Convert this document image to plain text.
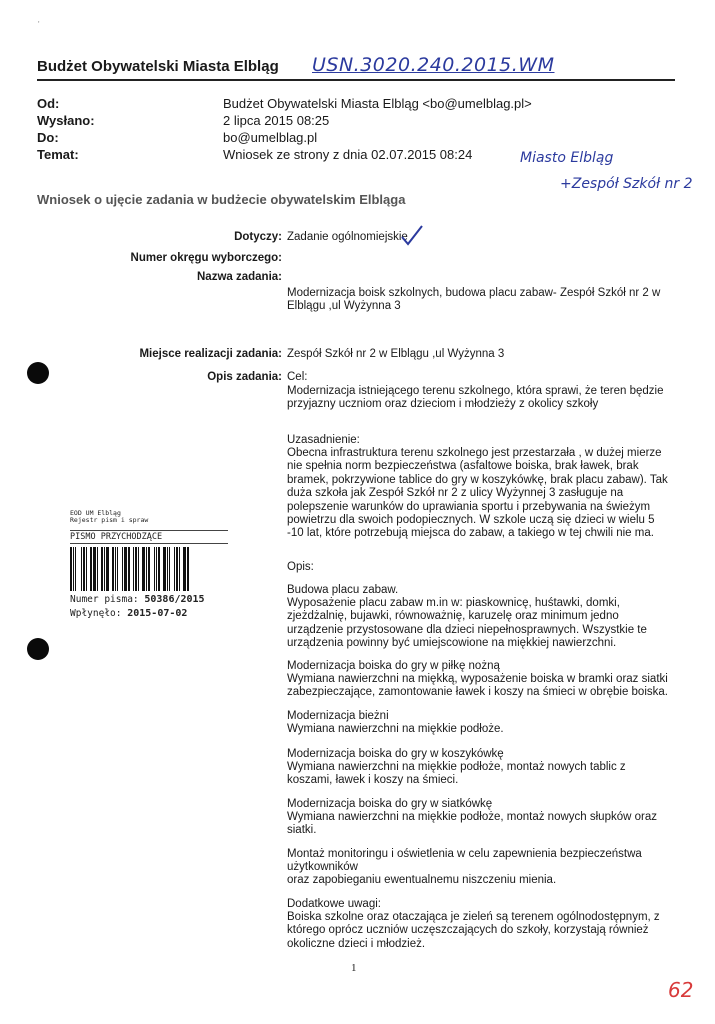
'
Budżet Obywatelski Miasta Elbląg USN.3020.240.2015.WM
Od:	Budżet Obywatelski Miasta Elbląg <bo@umelblag.pl>
Wysłano:	2 lipca 2015 08:25
Do:	bo@umelblag.pl
Temat:	Wniosek ze strony z dnia 02.07.2015 08:24	Miasto Elbląg
+Zespół Szkół nr 2
Wniosek o ujęcie zadania w budżecie obywatelskim Elbląga
Dotyczy: Zadanie ogólnomiejskie
Numer okręgu wyborczego:
Nazwa zadania:
Modernizacja boisk szkolnych, budowa placu zabaw- Zespół Szkół nr 2 w Elblągu ,ul Wyżynna 3
Miejsce realizacji zadania: Zespół Szkół nr 2 w Elblągu ,ul Wyżynna 3
Opis zadania: Cel:
Modernizacja istniejącego terenu szkolnego, która sprawi, że teren będzie przyjazny uczniom oraz dzieciom i młodzieży z okolicy szkoły
Uzasadnienie:
Obecna infrastruktura terenu szkolnego jest przestarzała , w dużej mierze nie spełnia norm bezpieczeństwa (asfaltowe boiska, brak ławek, brak bramek, pokrzywione tablice do gry w koszykówkę, brak placu zabaw). Tak duża szkoła jak Zespół Szkół nr 2 z ulicy Wyżynnej 3 zasługuje na polepszenie warunków do uprawiania sportu i przebywania na świeżym powietrzu dla swoich podopiecznych. W szkole uczą się dzieci w wielu 5 -10 lat, które potrzebują miejsca do zabaw, a takiego w tej chwili nie ma.
Opis:
Budowa placu zabaw.
Wyposażenie placu zabaw m.in w: piaskownicę, huśtawki, domki, zjeżdżalnię, bujawki, równoważnię, karuzelę oraz minimum jedno urządzenie przystosowane dla dzieci niepełnosprawnych. Wszystkie te urządzenia powinny być umiejscowione na miękkiej nawierzchni.
Modernizacja boiska do gry w piłkę nożną
Wymiana nawierzchni na miękką, wyposażenie boiska w bramki oraz siatki zabezpieczające, zamontowanie ławek i koszy na śmieci w obrębie boiska.
Modernizacja bieżni
Wymiana nawierzchni na miękkie podłoże.
Modernizacja boiska do gry w koszykówkę
Wymiana nawierzchni na miękkie podłoże, montaż nowych tablic z koszami, ławek i koszy na śmieci.
Modernizacja boiska do gry w siatkówkę
Wymiana nawierzchni na miękkie podłoże, montaż nowych słupków oraz siatki.
Montaż monitoringu i oświetlenia w celu zapewnienia bezpieczeństwa użytkowników
oraz zapobieganiu ewentualnemu niszczeniu mienia.
Dodatkowe uwagi:
Boiska szkolne oraz otaczająca je zieleń są terenem ogólnodostępnym, z którego oprócz uczniów uczęszczających do szkoły, korzystają również okoliczne dzieci i młodzież.
EOD UM Elbląg
Rejestr pism i spraw
PISMO PRZYCHODZĄCE
Numer pisma: 50386/2015
Wpłynęło: 2015-07-02
1
62
